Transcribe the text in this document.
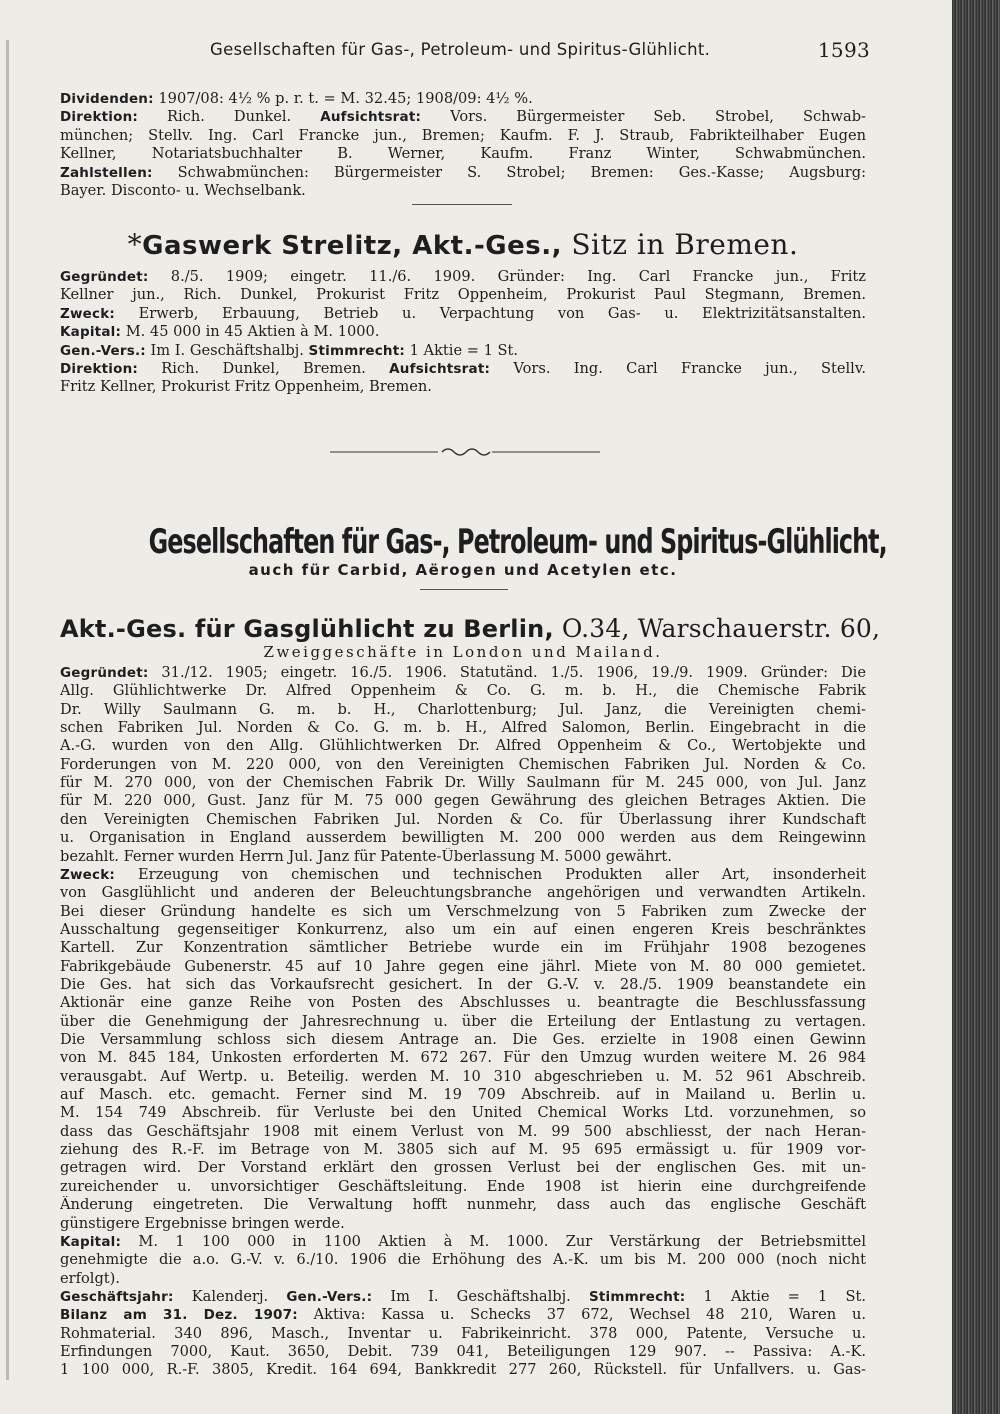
Gesellschaften für Gas-, Petroleum- und Spiritus-Glühlicht.	1593
Dividenden: 1907/08: 4½ % p. r. t. = M. 32.45; 1908/09: 4½ %.
Direktion: Rich. Dunkel. Aufsichtsrat: Vors. Bürgermeister Seb. Strobel, Schwab-
münchen; Stellv. Ing. Carl Francke jun., Bremen; Kaufm. F. J. Straub, Fabrikteilhaber Eugen
Kellner, Notariatsbuchhalter B. Werner, Kaufm. Franz Winter, Schwabmünchen.
Zahlstellen: Schwabmünchen: Bürgermeister S. Strobel; Bremen: Ges.-Kasse; Augsburg:
Bayer. Disconto- u. Wechselbank.
*Gaswerk Strelitz, Akt.-Ges., Sitz in Bremen.
Gegründet: 8./5. 1909; eingetr. 11./6. 1909. Gründer: Ing. Carl Francke jun., Fritz
Kellner jun., Rich. Dunkel, Prokurist Fritz Oppenheim, Prokurist Paul Stegmann, Bremen.
Zweck: Erwerb, Erbauung, Betrieb u. Verpachtung von Gas- u. Elektrizitätsanstalten.
Kapital: M. 45 000 in 45 Aktien à M. 1000.
Gen.-Vers.: Im I. Geschäftshalbj. Stimmrecht: 1 Aktie = 1 St.
Direktion: Rich. Dunkel, Bremen. Aufsichtsrat: Vors. Ing. Carl Francke jun., Stellv.
Fritz Kellner, Prokurist Fritz Oppenheim, Bremen.
Gesellschaften für Gas-, Petroleum- und Spiritus-Glühlicht,
auch für Carbid, Aërogen und Acetylen etc.
Akt.-Ges. für Gasglühlicht zu Berlin, O.34, Warschauerstr. 60,
Zweiggeschäfte in London und Mailand.
Gegründet: 31./12. 1905; eingetr. 16./5. 1906. Statutänd. 1./5. 1906, 19./9. 1909. Gründer: Die
Allg. Glühlichtwerke Dr. Alfred Oppenheim & Co. G. m. b. H., die Chemische Fabrik
Dr. Willy Saulmann G. m. b. H., Charlottenburg; Jul. Janz, die Vereinigten chemi-
schen Fabriken Jul. Norden & Co. G. m. b. H., Alfred Salomon, Berlin. Eingebracht in die
A.-G. wurden von den Allg. Glühlichtwerken Dr. Alfred Oppenheim & Co., Wertobjekte und
Forderungen von M. 220 000, von den Vereinigten Chemischen Fabriken Jul. Norden & Co.
für M. 270 000, von der Chemischen Fabrik Dr. Willy Saulmann für M. 245 000, von Jul. Janz
für M. 220 000, Gust. Janz für M. 75 000 gegen Gewährung des gleichen Betrages Aktien. Die
den Vereinigten Chemischen Fabriken Jul. Norden & Co. für Überlassung ihrer Kundschaft
u. Organisation in England ausserdem bewilligten M. 200 000 werden aus dem Reingewinn
bezahlt. Ferner wurden Herrn Jul. Janz für Patente-Überlassung M. 5000 gewährt.
Zweck: Erzeugung von chemischen und technischen Produkten aller Art, insonderheit
von Gasglühlicht und anderen der Beleuchtungsbranche angehörigen und verwandten Artikeln.
Bei dieser Gründung handelte es sich um Verschmelzung von 5 Fabriken zum Zwecke der
Ausschaltung gegenseitiger Konkurrenz, also um ein auf einen engeren Kreis beschränktes
Kartell. Zur Konzentration sämtlicher Betriebe wurde ein im Frühjahr 1908 bezogenes
Fabrikgebäude Gubenerstr. 45 auf 10 Jahre gegen eine jährl. Miete von M. 80 000 gemietet.
Die Ges. hat sich das Vorkaufsrecht gesichert. In der G.-V. v. 28./5. 1909 beanstandete ein
Aktionär eine ganze Reihe von Posten des Abschlusses u. beantragte die Beschlussfassung
über die Genehmigung der Jahresrechnung u. über die Erteilung der Entlastung zu vertagen.
Die Versammlung schloss sich diesem Antrage an. Die Ges. erzielte in 1908 einen Gewinn
von M. 845 184, Unkosten erforderten M. 672 267. Für den Umzug wurden weitere M. 26 984
verausgabt. Auf Wertp. u. Beteilig. werden M. 10 310 abgeschrieben u. M. 52 961 Abschreib.
auf Masch. etc. gemacht. Ferner sind M. 19 709 Abschreib. auf in Mailand u. Berlin u.
M. 154 749 Abschreib. für Verluste bei den United Chemical Works Ltd. vorzunehmen, so
dass das Geschäftsjahr 1908 mit einem Verlust von M. 99 500 abschliesst, der nach Heran-
ziehung des R.-F. im Betrage von M. 3805 sich auf M. 95 695 ermässigt u. für 1909 vor-
getragen wird. Der Vorstand erklärt den grossen Verlust bei der englischen Ges. mit un-
zureichender u. unvorsichtiger Geschäftsleitung. Ende 1908 ist hierin eine durchgreifende
Änderung eingetreten. Die Verwaltung hofft nunmehr, dass auch das englische Geschäft
günstigere Ergebnisse bringen werde.
Kapital: M. 1 100 000 in 1100 Aktien à M. 1000. Zur Verstärkung der Betriebsmittel
genehmigte die a.o. G.-V. v. 6./10. 1906 die Erhöhung des A.-K. um bis M. 200 000 (noch nicht
erfolgt).
Geschäftsjahr: Kalenderj. Gen.-Vers.: Im I. Geschäftshalbj. Stimmrecht: 1 Aktie = 1 St.
Bilanz am 31. Dez. 1907: Aktiva: Kassa u. Schecks 37 672, Wechsel 48 210, Waren u.
Rohmaterial. 340 896, Masch., Inventar u. Fabrikeinricht. 378 000, Patente, Versuche u.
Erfindungen 7000, Kaut. 3650, Debit. 739 041, Beteiligungen 129 907. -- Passiva: A.-K.
1 100 000, R.-F. 3805, Kredit. 164 694, Bankkredit 277 260, Rückstell. für Unfallvers. u. Gas-
